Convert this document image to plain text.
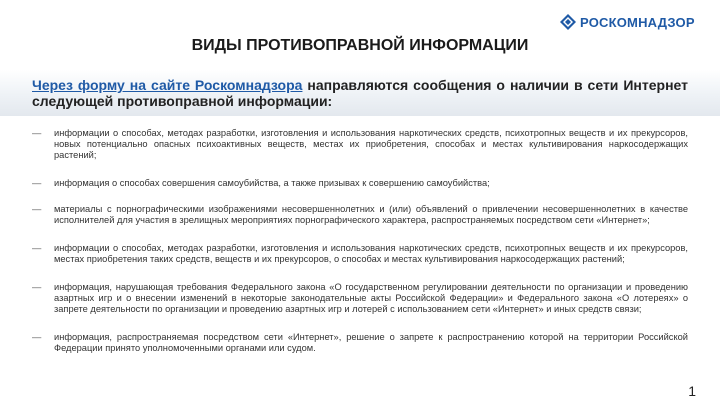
РОСКОМНАДЗОР
ВИДЫ ПРОТИВОПРАВНОЙ ИНФОРМАЦИИ

Через форму на сайте Роскомнадзора направляются сообщения о наличии в сети Интернет следующей противоправной информации:

—	информации о способах, методах разработки, изготовления и использования наркотических средств, психотропных веществ и их прекурсоров, новых потенциально опасных психоактивных веществ, местах их приобретения, способах и местах культивирования наркосодержащих растений;
—	информация о способах совершения самоубийства, а также призывах к совершению самоубийства;
—	материалы с порнографическими изображениями несовершеннолетних и (или) объявлений о привлечении несовершеннолетних в качестве исполнителей для участия в зрелищных мероприятиях порнографического характера, распространяемых посредством сети «Интернет»;
—	информации о способах, методах разработки, изготовления и использования наркотических средств, психотропных веществ и их прекурсоров, местах приобретения таких средств, веществ и их прекурсоров, о способах и местах культивирования наркосодержащих растений;
—	информация, нарушающая требования Федерального закона «О государственном регулировании деятельности по организации и проведению азартных игр и о внесении изменений в некоторые законодательные акты Российской Федерации» и Федерального закона «О лотереях» о запрете деятельности по организации и проведению азартных игр и лотерей с использованием сети «Интернет» и иных средств связи;
—	информация, распространяемая посредством сети «Интернет», решение о запрете к распространению которой на территории Российской Федерации принято уполномоченными органами или судом.
1
